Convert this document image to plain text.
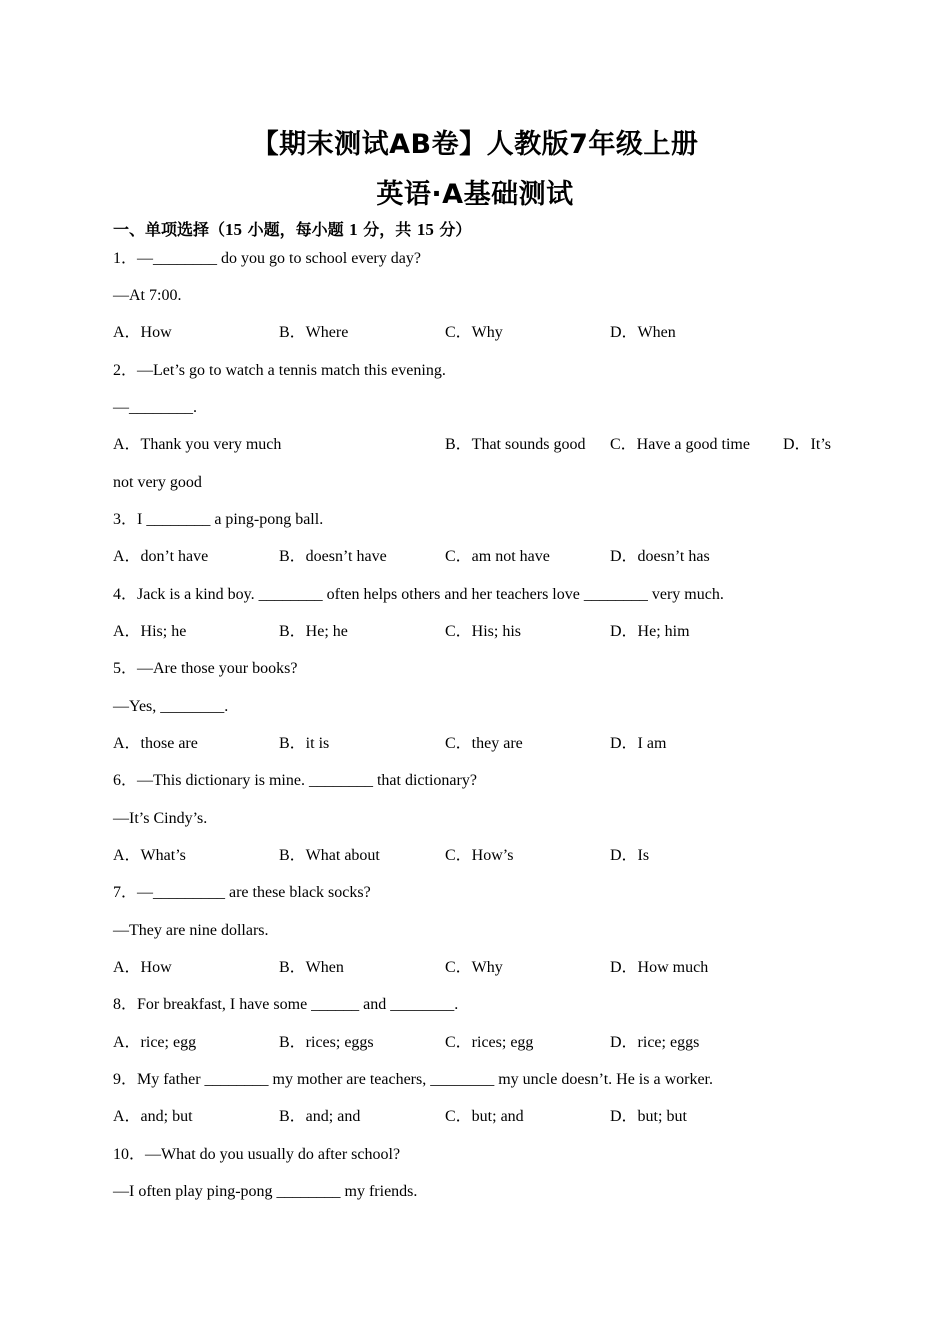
【期末测试AB卷】人教版7年级上册
英语·A基础测试
一、单项选择（15 小题，每小题 1 分，共 15 分）
1．—________ do you go to school every day?
—At 7:00.
A．How	B．Where	C．Why	D．When
2．—Let’s go to watch a tennis match this evening.
—________.
A．Thank you very much	B．That sounds good C．Have a good time D．It’s
not very good
3．I ________ a ping-pong ball.
A．don’t have	B．doesn’t have	C．am not have	D．doesn’t has
4．Jack is a kind boy. ________ often helps others and her teachers love ________ very much.
A．His; he	B．He; he	C．His; his	D．He; him
5．—Are those your books?
—Yes, ________.
A．those are	B．it is	C．they are	D．I am
6．—This dictionary is mine. ________ that dictionary?
—It’s Cindy’s.
A．What’s	B．What about	C．How’s	D．Is
7．—_________ are these black socks?
—They are nine dollars.
A．How	B．When	C．Why	D．How much
8．For breakfast, I have some ______ and ________.
A．rice; egg	B．rices; eggs	C．rices; egg	D．rice; eggs
9．My father ________ my mother are teachers, ________ my uncle doesn’t. He is a worker.
A．and; but	B．and; and	C．but; and	D．but; but
10．—What do you usually do after school?
—I often play ping-pong ________ my friends.
